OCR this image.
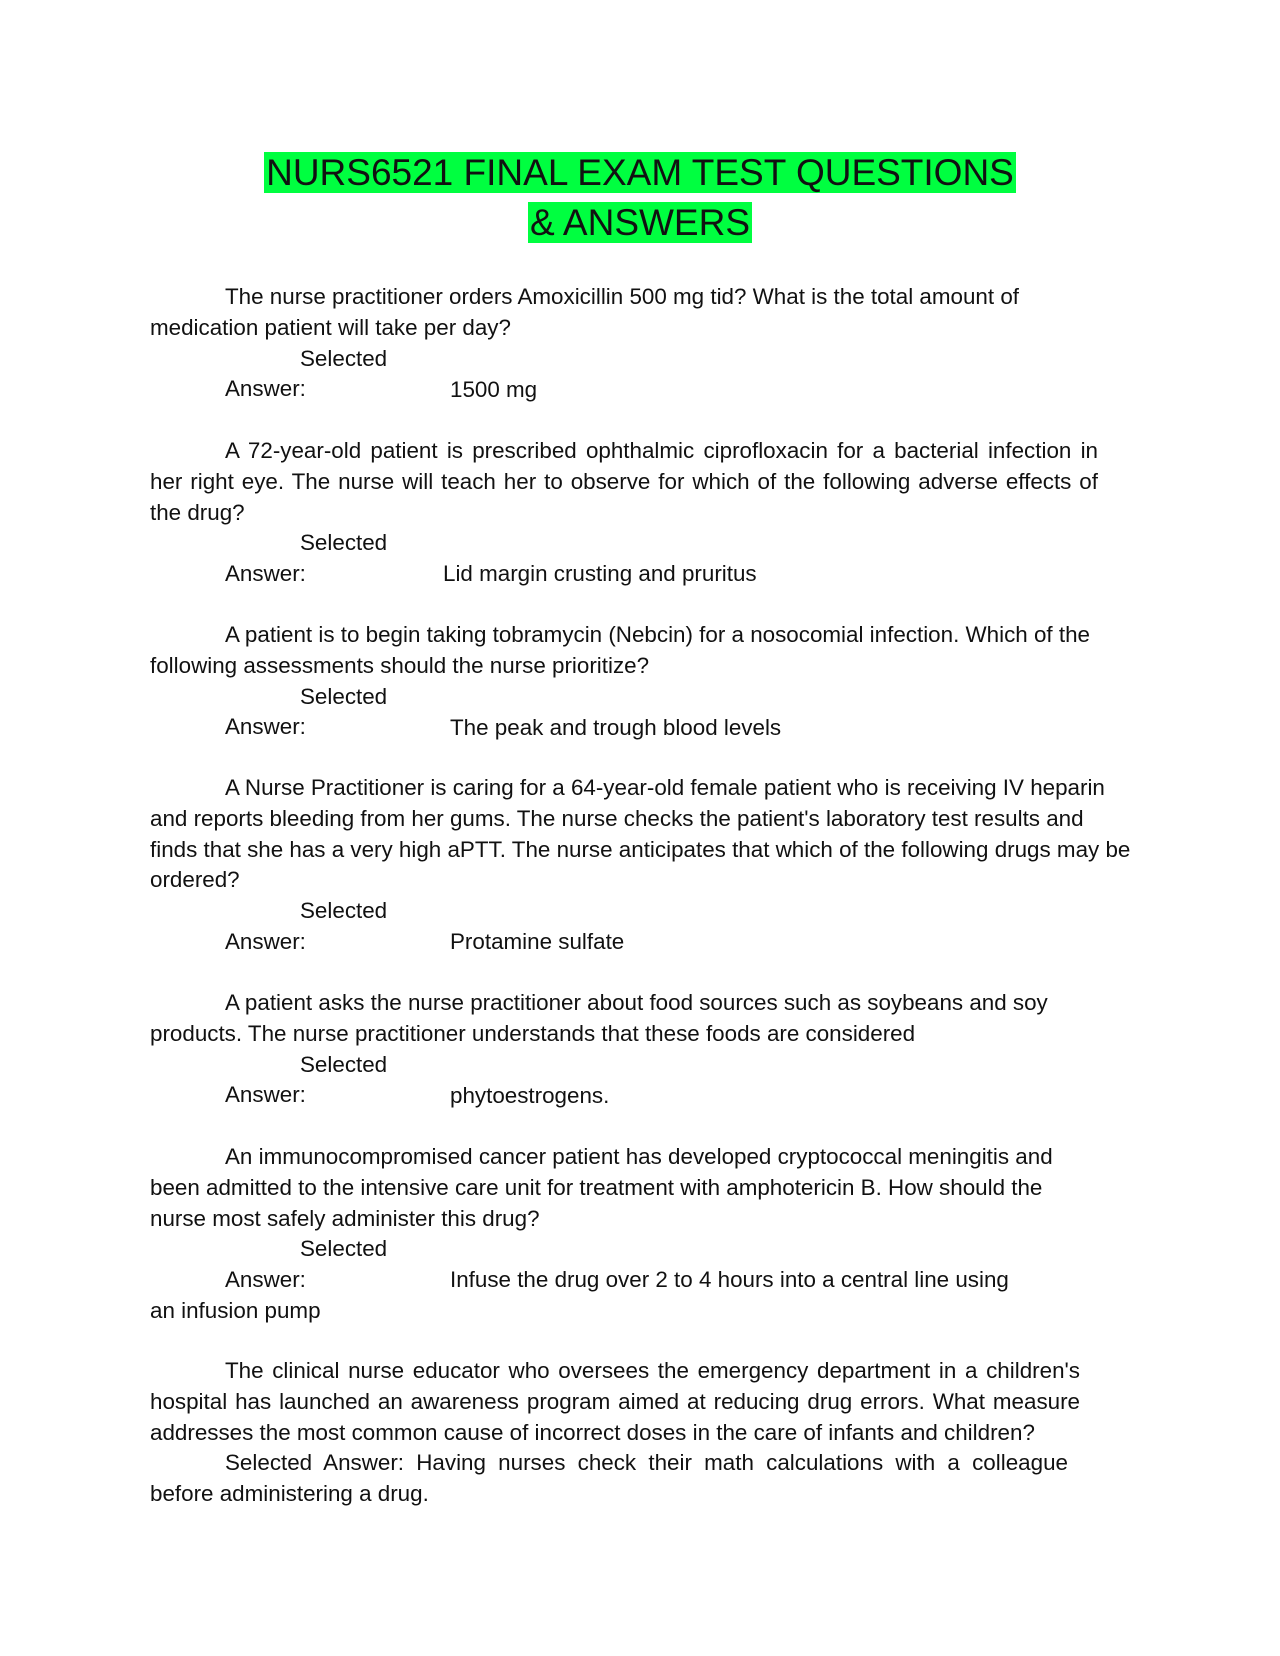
NURS6521 FINAL EXAM TEST QUESTIONS
& ANSWERS

The nurse practitioner orders Amoxicillin 500 mg tid? What is the total amount of medication patient will take per day?

Selected Answer:	1500 mg

A 72-year-old patient is prescribed ophthalmic ciprofloxacin for a bacterial infection in her right eye. The nurse will teach her to observe for which of the following adverse effects of the drug?

Selected Answer:	Lid margin crusting and pruritus

A patient is to begin taking tobramycin (Nebcin) for a nosocomial infection. Which of the following assessments should the nurse prioritize?

Selected Answer:	The peak and trough blood levels

A Nurse Practitioner is caring for a 64-year-old female patient who is receiving IV heparin and reports bleeding from her gums. The nurse checks the patient's laboratory test results and finds that she has a very high aPTT. The nurse anticipates that which of the following drugs may be ordered?

Selected Answer:	Protamine sulfate

A patient asks the nurse practitioner about food sources such as soybeans and soy products. The nurse practitioner understands that these foods are considered

Selected Answer:	phytoestrogens.

An immunocompromised cancer patient has developed cryptococcal meningitis and been admitted to the intensive care unit for treatment with amphotericin B. How should the nurse most safely administer this drug?

Selected Answer:	Infuse the drug over 2 to 4 hours into a central line using an infusion pump

The clinical nurse educator who oversees the emergency department in a children's hospital has launched an awareness program aimed at reducing drug errors. What measure addresses the most common cause of incorrect doses in the care of infants and children?

Selected Answer: Having nurses check their math calculations with a colleague before administering a drug.
